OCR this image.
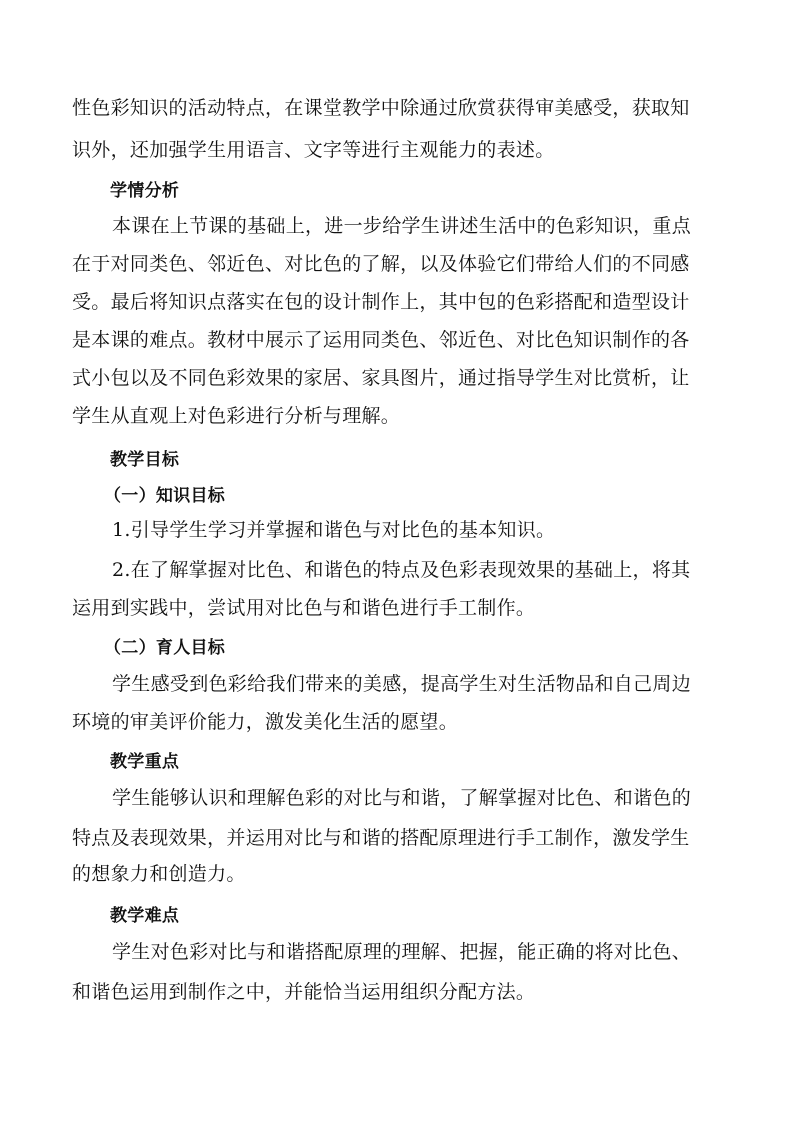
性色彩知识的活动特点，在课堂教学中除通过欣赏获得审美感受，获取知

识外，还加强学生用语言、文字等进行主观能力的表述。

学情分析

本课在上节课的基础上，进一步给学生讲述生活中的色彩知识，重点

在于对同类色、邻近色、对比色的了解，以及体验它们带给人们的不同感

受。最后将知识点落实在包的设计制作上，其中包的色彩搭配和造型设计

是本课的难点。教材中展示了运用同类色、邻近色、对比色知识制作的各

式小包以及不同色彩效果的家居、家具图片，通过指导学生对比赏析，让

学生从直观上对色彩进行分析与理解。

教学目标

（一）知识目标

1.引导学生学习并掌握和谐色与对比色的基本知识。

2.在了解掌握对比色、和谐色的特点及色彩表现效果的基础上，将其

运用到实践中，尝试用对比色与和谐色进行手工制作。

（二）育人目标

学生感受到色彩给我们带来的美感，提高学生对生活物品和自己周边

环境的审美评价能力，激发美化生活的愿望。

教学重点

学生能够认识和理解色彩的对比与和谐，了解掌握对比色、和谐色的

特点及表现效果，并运用对比与和谐的搭配原理进行手工制作，激发学生

的想象力和创造力。

教学难点

学生对色彩对比与和谐搭配原理的理解、把握，能正确的将对比色、

和谐色运用到制作之中，并能恰当运用组织分配方法。
